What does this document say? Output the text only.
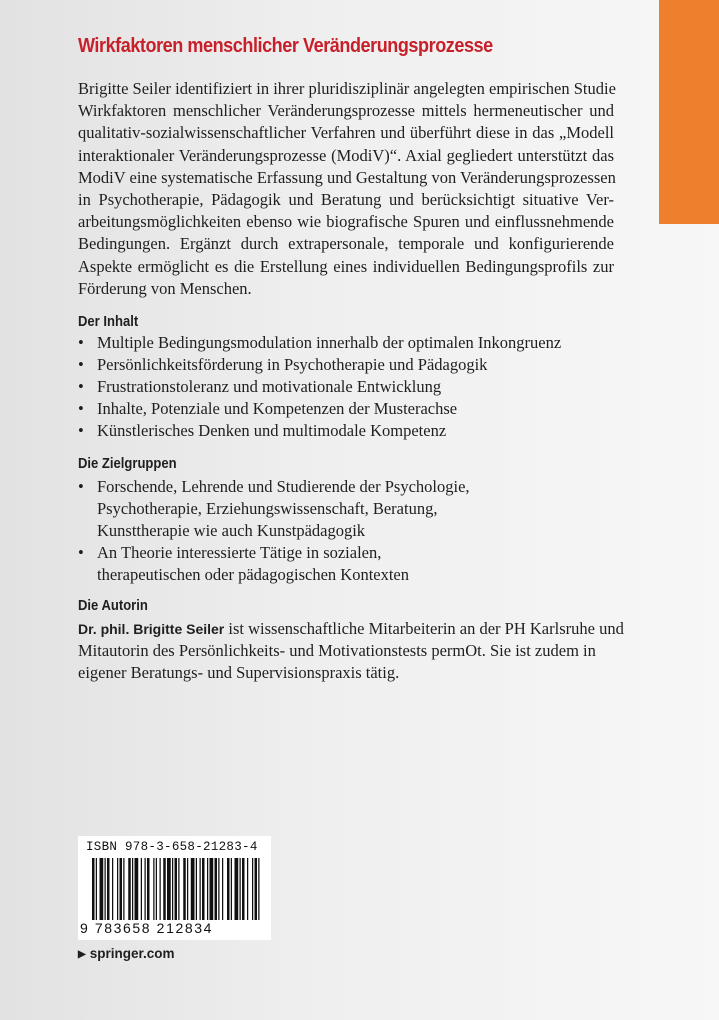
Wirkfaktoren menschlicher Veränderungsprozesse

Brigitte Seiler identifiziert in ihrer pluridisziplinär angelegten empirischen Studie
Wirkfaktoren menschlicher Veränderungsprozesse mittels hermeneutischer und
qualitativ-sozialwissenschaftlicher Verfahren und überführt diese in das „Modell
interaktionaler Veränderungsprozesse (ModiV)“. Axial gegliedert unterstützt das
ModiV eine systematische Erfassung und Gestaltung von Veränderungsprozessen
in Psychotherapie, Pädagogik und Beratung und berücksichtigt situative Ver-
arbeitungsmöglichkeiten ebenso wie biografische Spuren und einflussnehmende
Bedingungen. Ergänzt durch extrapersonale, temporale und konfigurierende
Aspekte ermöglicht es die Erstellung eines individuellen Bedingungsprofils zur
Förderung von Menschen.

Der Inhalt
• Multiple Bedingungsmodulation innerhalb der optimalen Inkongruenz
• Persönlichkeitsförderung in Psychotherapie und Pädagogik
• Frustrationstoleranz und motivationale Entwicklung
• Inhalte, Potenziale und Kompetenzen der Musterachse
• Künstlerisches Denken und multimodale Kompetenz
Die Zielgruppen
• Forschende, Lehrende und Studierende der Psychologie,
Psychotherapie, Erziehungswissenschaft, Beratung,
Kunsttherapie wie auch Kunstpädagogik
• An Theorie interessierte Tätige in sozialen,
therapeutischen oder pädagogischen Kontexten
Die Autorin

Dr. phil. Brigitte Seiler ist wissenschaftliche Mitarbeiterin an der PH Karlsruhe und
Mitautorin des Persönlichkeits- und Motivationstests permOt. Sie ist zudem in
eigener Beratungs- und Supervisionspraxis tätig.

ISBN 978-3-658-21283-4
9 783658 212834
▶ springer.com
